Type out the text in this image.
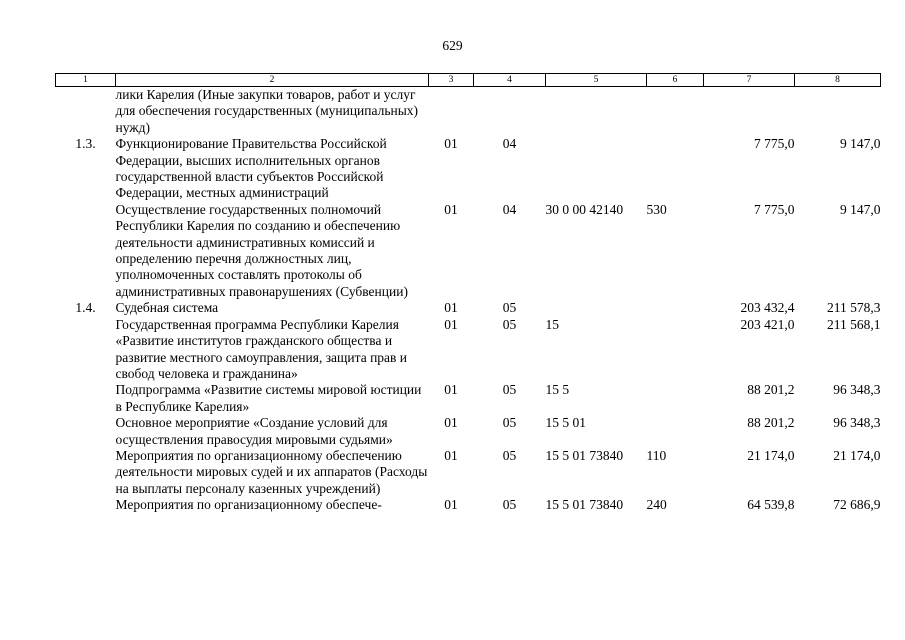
629
1	2	3	4	5	6	7	8
	лики Карелия (Иные закупки товаров, работ и услуг для обеспечения государственных (муниципальных) нужд)						
1.3.	Функционирование Правительства Российской Федерации, высших исполнительных органов государственной власти субъектов Российской Федерации, местных администраций	01	04			7 775,0	9 147,0
	Осуществление государственных полномочий Республики Карелия по созданию и обеспечению деятельности административных комиссий и определению перечня должностных лиц, уполномоченных составлять протоколы об административных правонарушениях (Субвенции)	01	04	30 0 00 42140	530	7 775,0	9 147,0
1.4.	Судебная система	01	05			203 432,4	211 578,3
	Государственная программа Республики Карелия «Развитие институтов гражданского общества и развитие местного самоуправления, защита прав и свобод человека и гражданина»	01	05	15		203 421,0	211 568,1
	Подпрограмма «Развитие системы мировой юстиции в Республике Карелия»	01	05	15 5		88 201,2	96 348,3
	Основное мероприятие «Создание условий для осуществления правосудия мировыми судьями»	01	05	15 5 01		88 201,2	96 348,3
	Мероприятия по организационному обеспечению деятельности мировых судей и их аппаратов (Расходы на выплаты персоналу казенных учреждений)	01	05	15 5 01 73840	110	21 174,0	21 174,0
	Мероприятия по организационному обеспече-	01	05	15 5 01 73840	240	64 539,8	72 686,9
